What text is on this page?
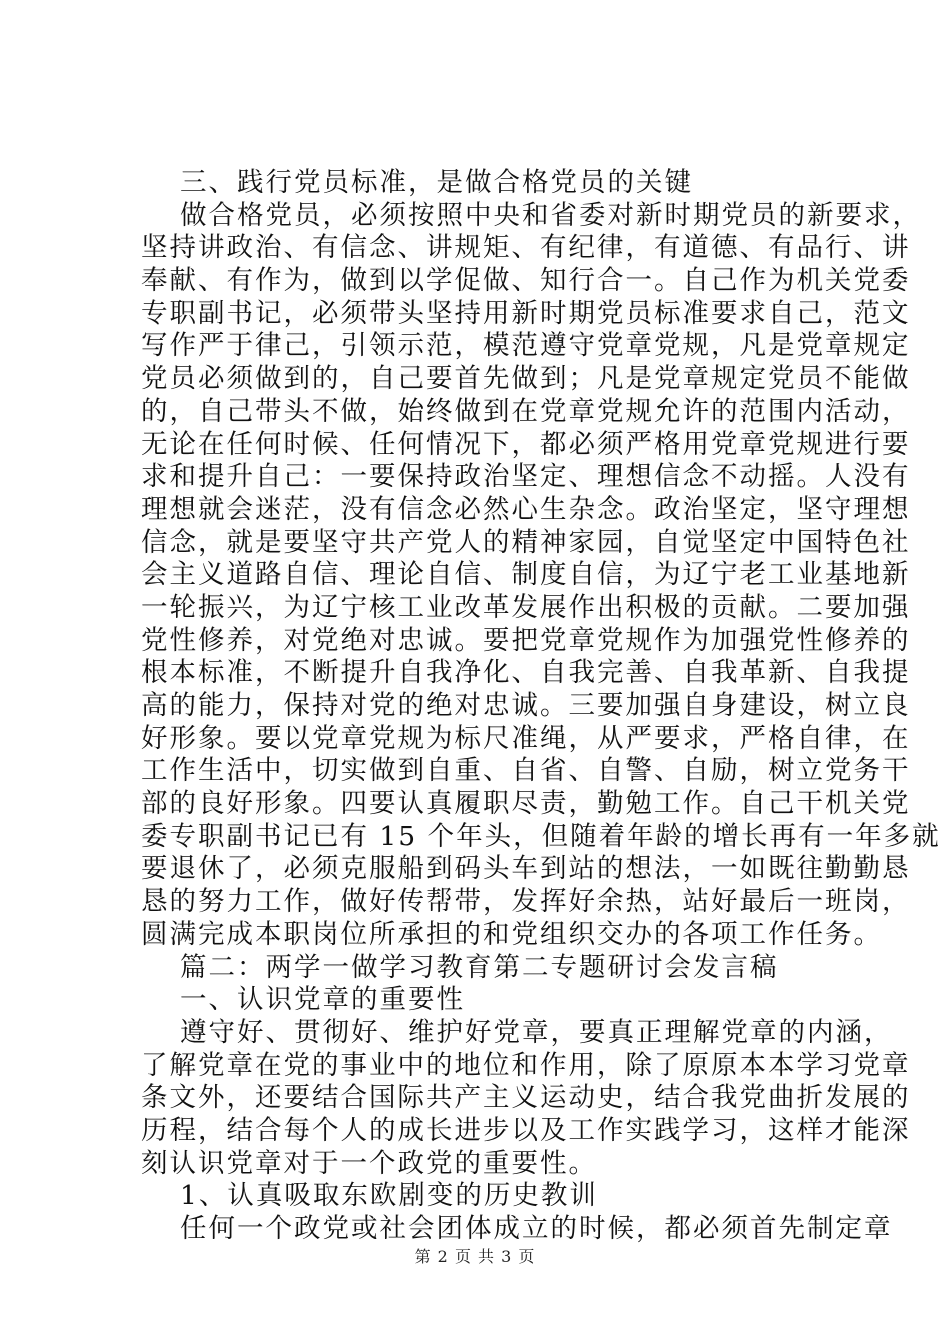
三、践行党员标准，是做合格党员的关键
做合格党员，必须按照中央和省委对新时期党员的新要求，
坚持讲政治、有信念、讲规矩、有纪律，有道德、有品行、讲
奉献、有作为，做到以学促做、知行合一。自己作为机关党委
专职副书记，必须带头坚持用新时期党员标准要求自己，范文
写作严于律己，引领示范，模范遵守党章党规，凡是党章规定
党员必须做到的，自己要首先做到；凡是党章规定党员不能做
的，自己带头不做，始终做到在党章党规允许的范围内活动，
无论在任何时候、任何情况下，都必须严格用党章党规进行要
求和提升自己：一要保持政治坚定、理想信念不动摇。人没有
理想就会迷茫，没有信念必然心生杂念。政治坚定，坚守理想
信念，就是要坚守共产党人的精神家园，自觉坚定中国特色社
会主义道路自信、理论自信、制度自信，为辽宁老工业基地新
一轮振兴，为辽宁核工业改革发展作出积极的贡献。二要加强
党性修养，对党绝对忠诚。要把党章党规作为加强党性修养的
根本标准，不断提升自我净化、自我完善、自我革新、自我提
高的能力，保持对党的绝对忠诚。三要加强自身建设，树立良
好形象。要以党章党规为标尺准绳，从严要求，严格自律，在
工作生活中，切实做到自重、自省、自警、自励，树立党务干
部的良好形象。四要认真履职尽责，勤勉工作。自己干机关党
委专职副书记已有 15 个年头，但随着年龄的增长再有一年多就
要退休了，必须克服船到码头车到站的想法，一如既往勤勤恳
恳的努力工作，做好传帮带，发挥好余热，站好最后一班岗，
圆满完成本职岗位所承担的和党组织交办的各项工作任务。
篇二：两学一做学习教育第二专题研讨会发言稿
一、认识党章的重要性
遵守好、贯彻好、维护好党章，要真正理解党章的内涵，
了解党章在党的事业中的地位和作用，除了原原本本学习党章
条文外，还要结合国际共产主义运动史，结合我党曲折发展的
历程，结合每个人的成长进步以及工作实践学习，这样才能深
刻认识党章对于一个政党的重要性。
1、认真吸取东欧剧变的历史教训
任何一个政党或社会团体成立的时候，都必须首先制定章
第 2 页 共 3 页
